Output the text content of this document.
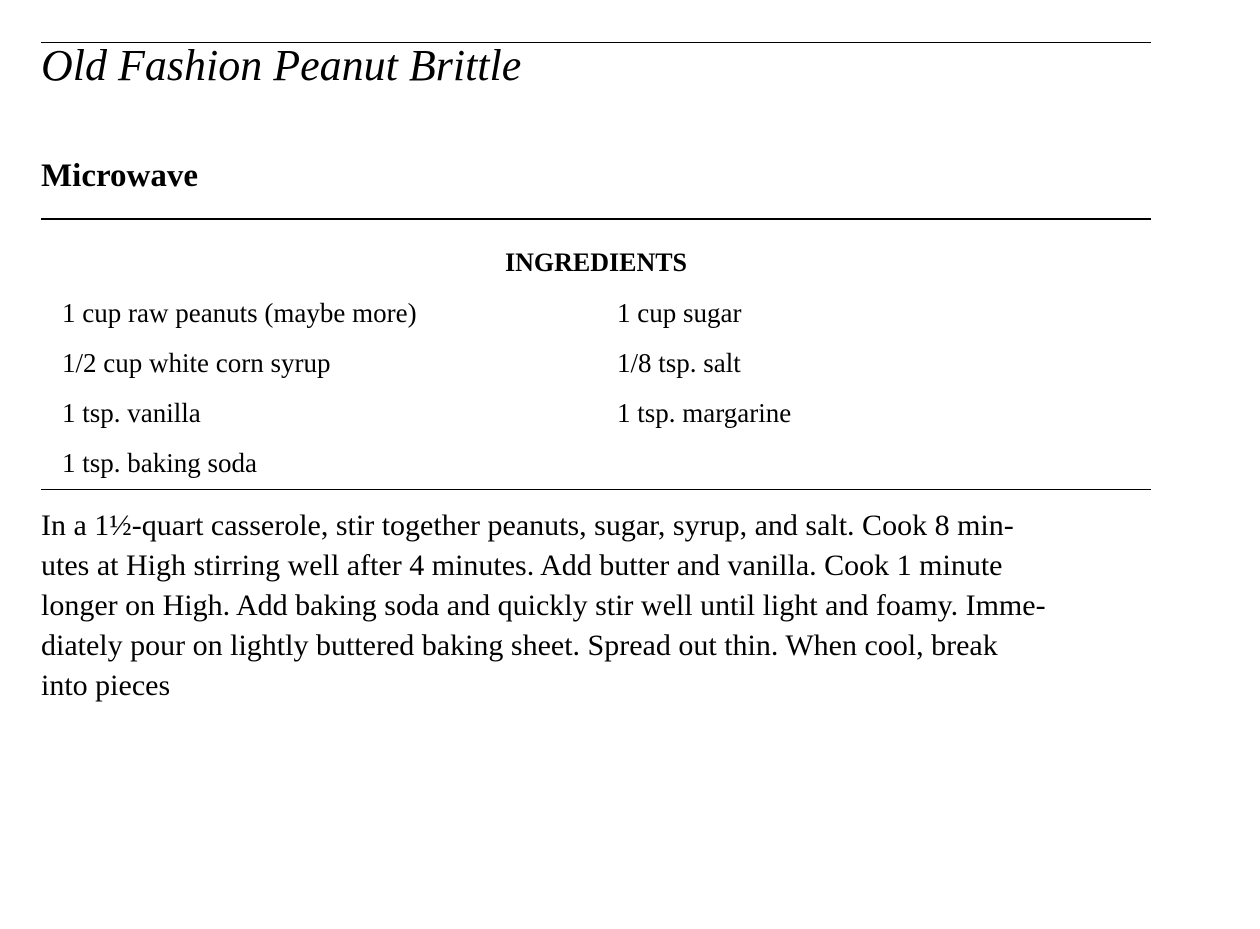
Old Fashion Peanut Brittle
Microwave
INGREDIENTS
1 cup raw peanuts (maybe more)
1/2 cup white corn syrup
1 tsp. vanilla
1 tsp. baking soda
1 cup sugar
1/8 tsp. salt
1 tsp. margarine
In a 1½-quart casserole, stir together peanuts, sugar, syrup, and salt. Cook 8 min-
utes at High stirring well after 4 minutes. Add butter and vanilla. Cook 1 minute
longer on High. Add baking soda and quickly stir well until light and foamy. Imme-
diately pour on lightly buttered baking sheet. Spread out thin. When cool, break
into pieces
